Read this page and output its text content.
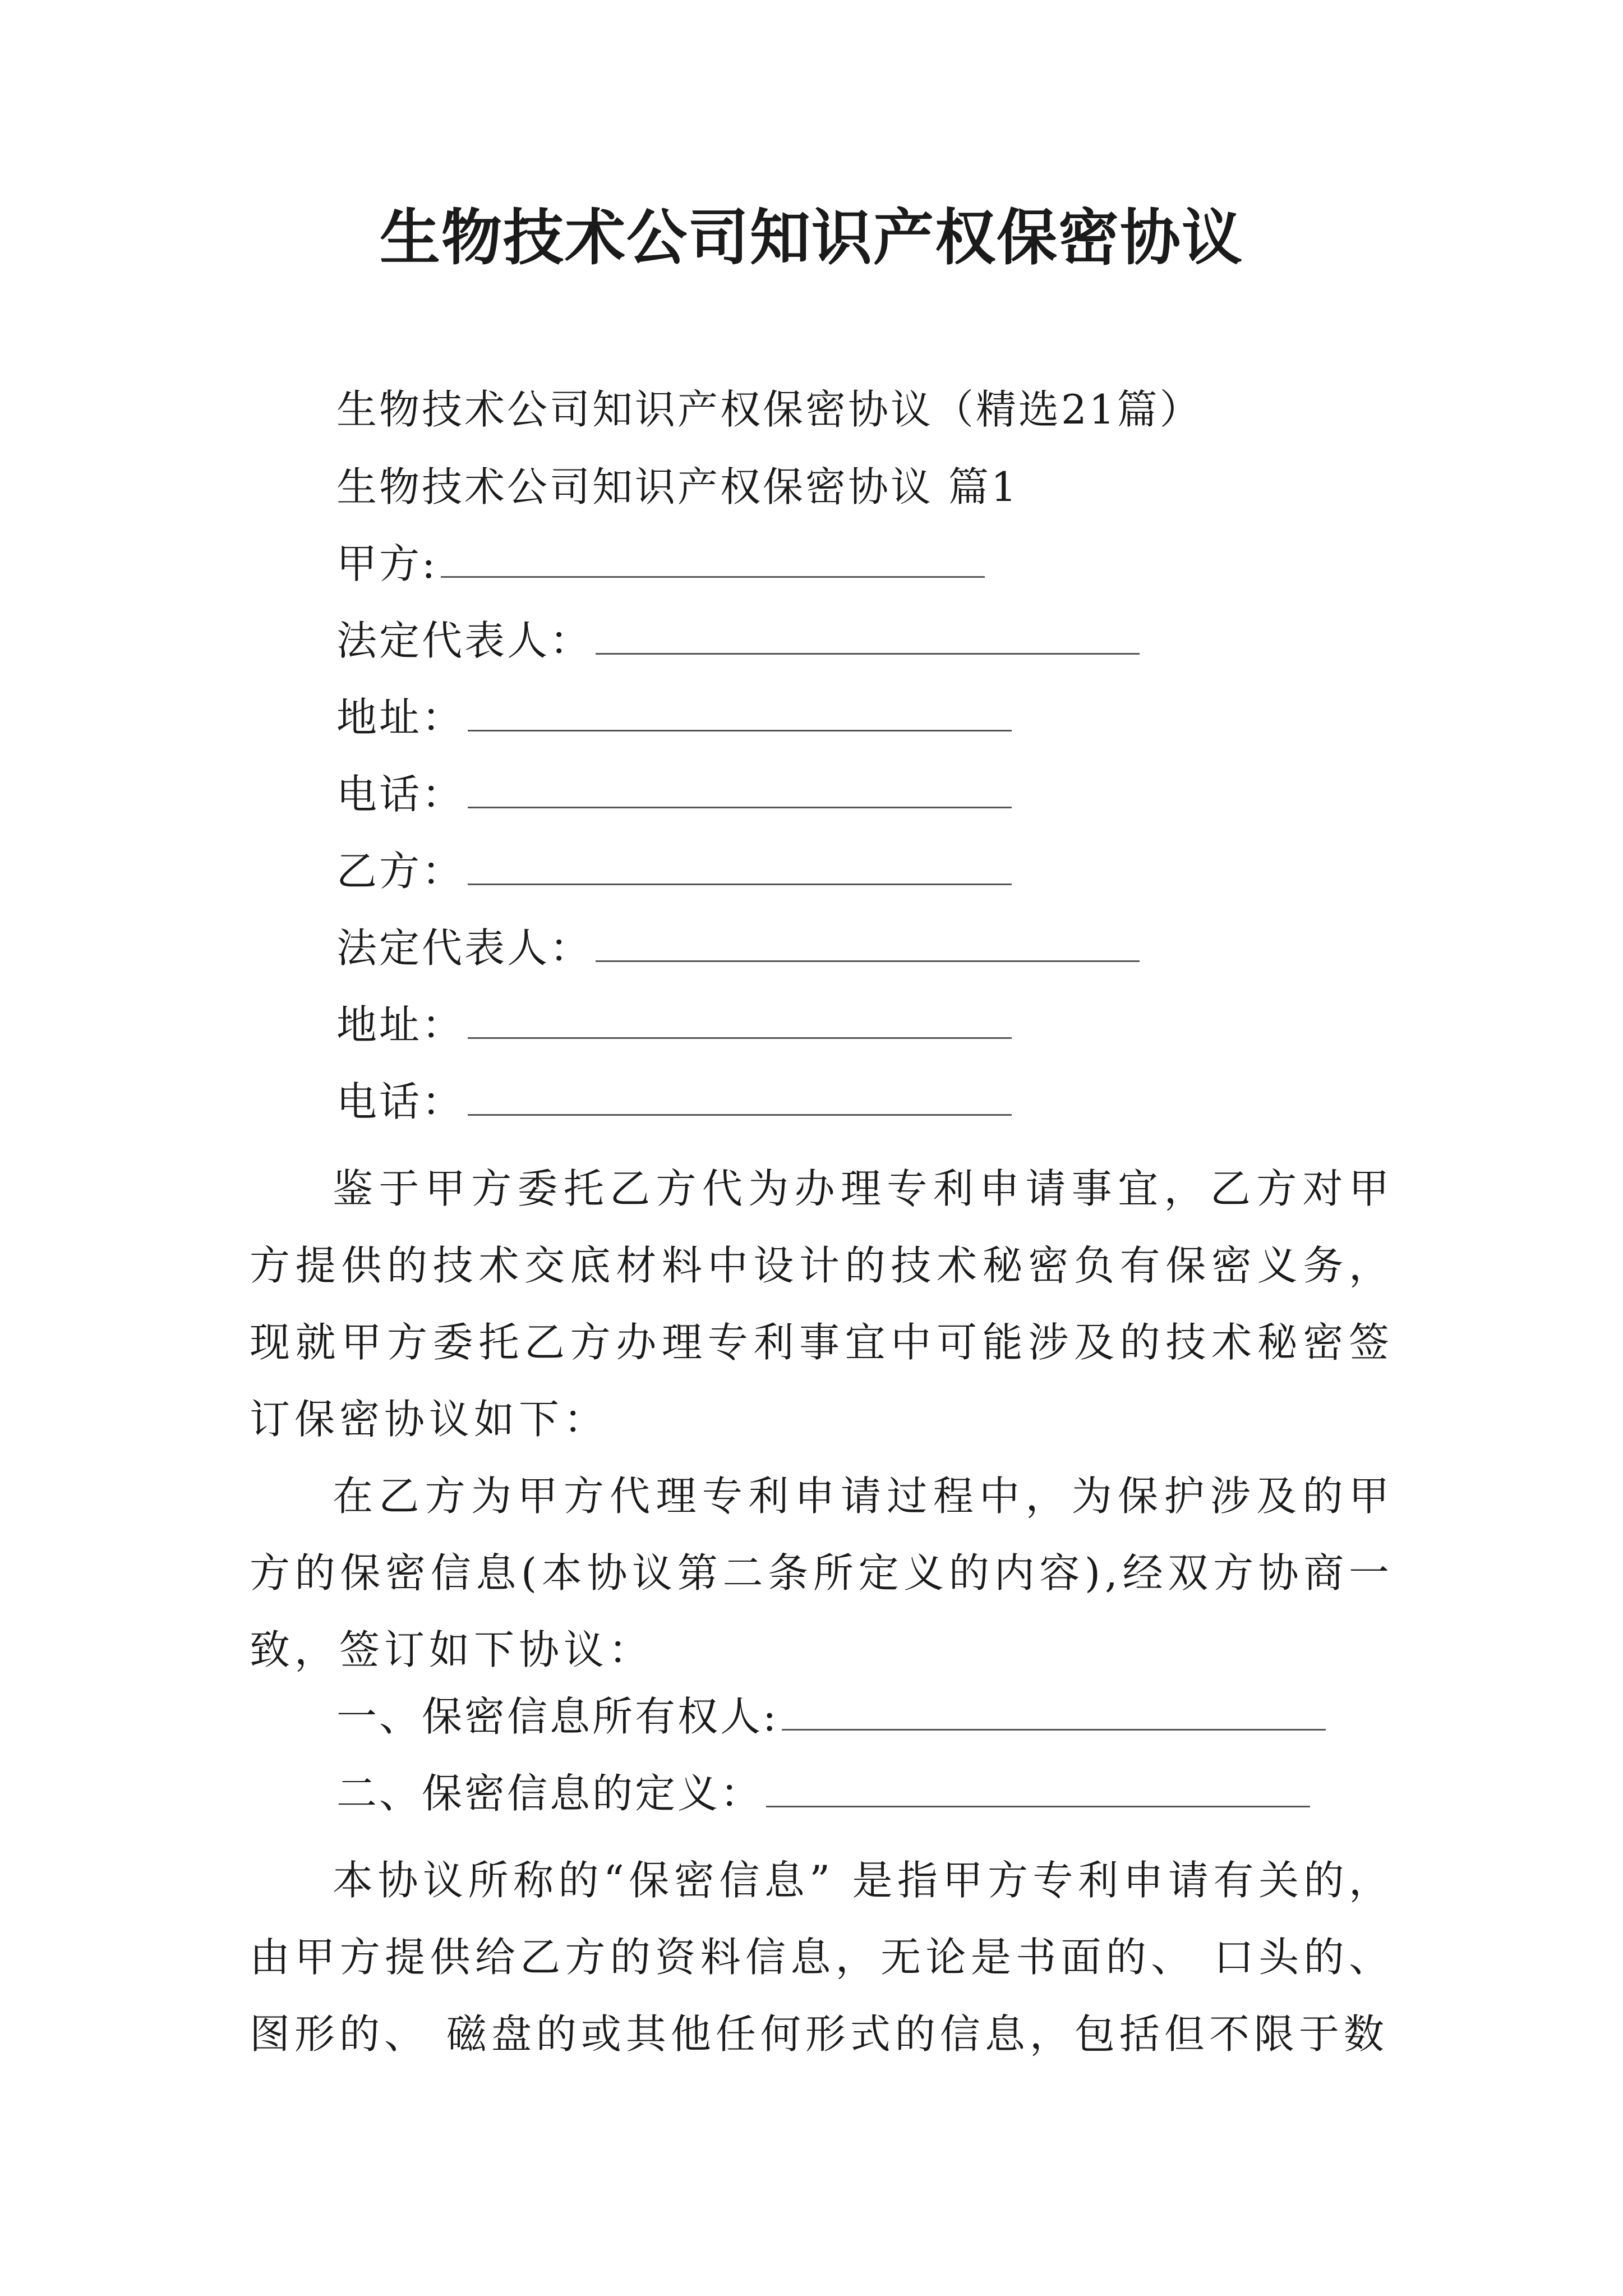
生物技术公司知识产权保密协议
生物技术公司知识产权保密协议（精选21篇）
生物技术公司知识产权保密协议 篇1
甲方:
法定代表人：
地址：
电话：
乙方：
法定代表人：
地址：
电话：
鉴于甲方委托乙方代为办理专利申请事宜，乙方对甲方提供的技术交底材料中设计的技术秘密负有保密义务，现就甲方委托乙方办理专利事宜中可能涉及的技术秘密签订保密协议如下：
在乙方为甲方代理专利申请过程中，为保护涉及的甲方的保密信息(本协议第二条所定义的内容),经双方协商一致，签订如下协议：
一、保密信息所有权人:
二、保密信息的定义：
本协议所称的“保密信息” 是指甲方专利申请有关的，由甲方提供给乙方的资料信息，无论是书面的、 口头的、图形的、 磁盘的或其他任何形式的信息，包括但不限于数
